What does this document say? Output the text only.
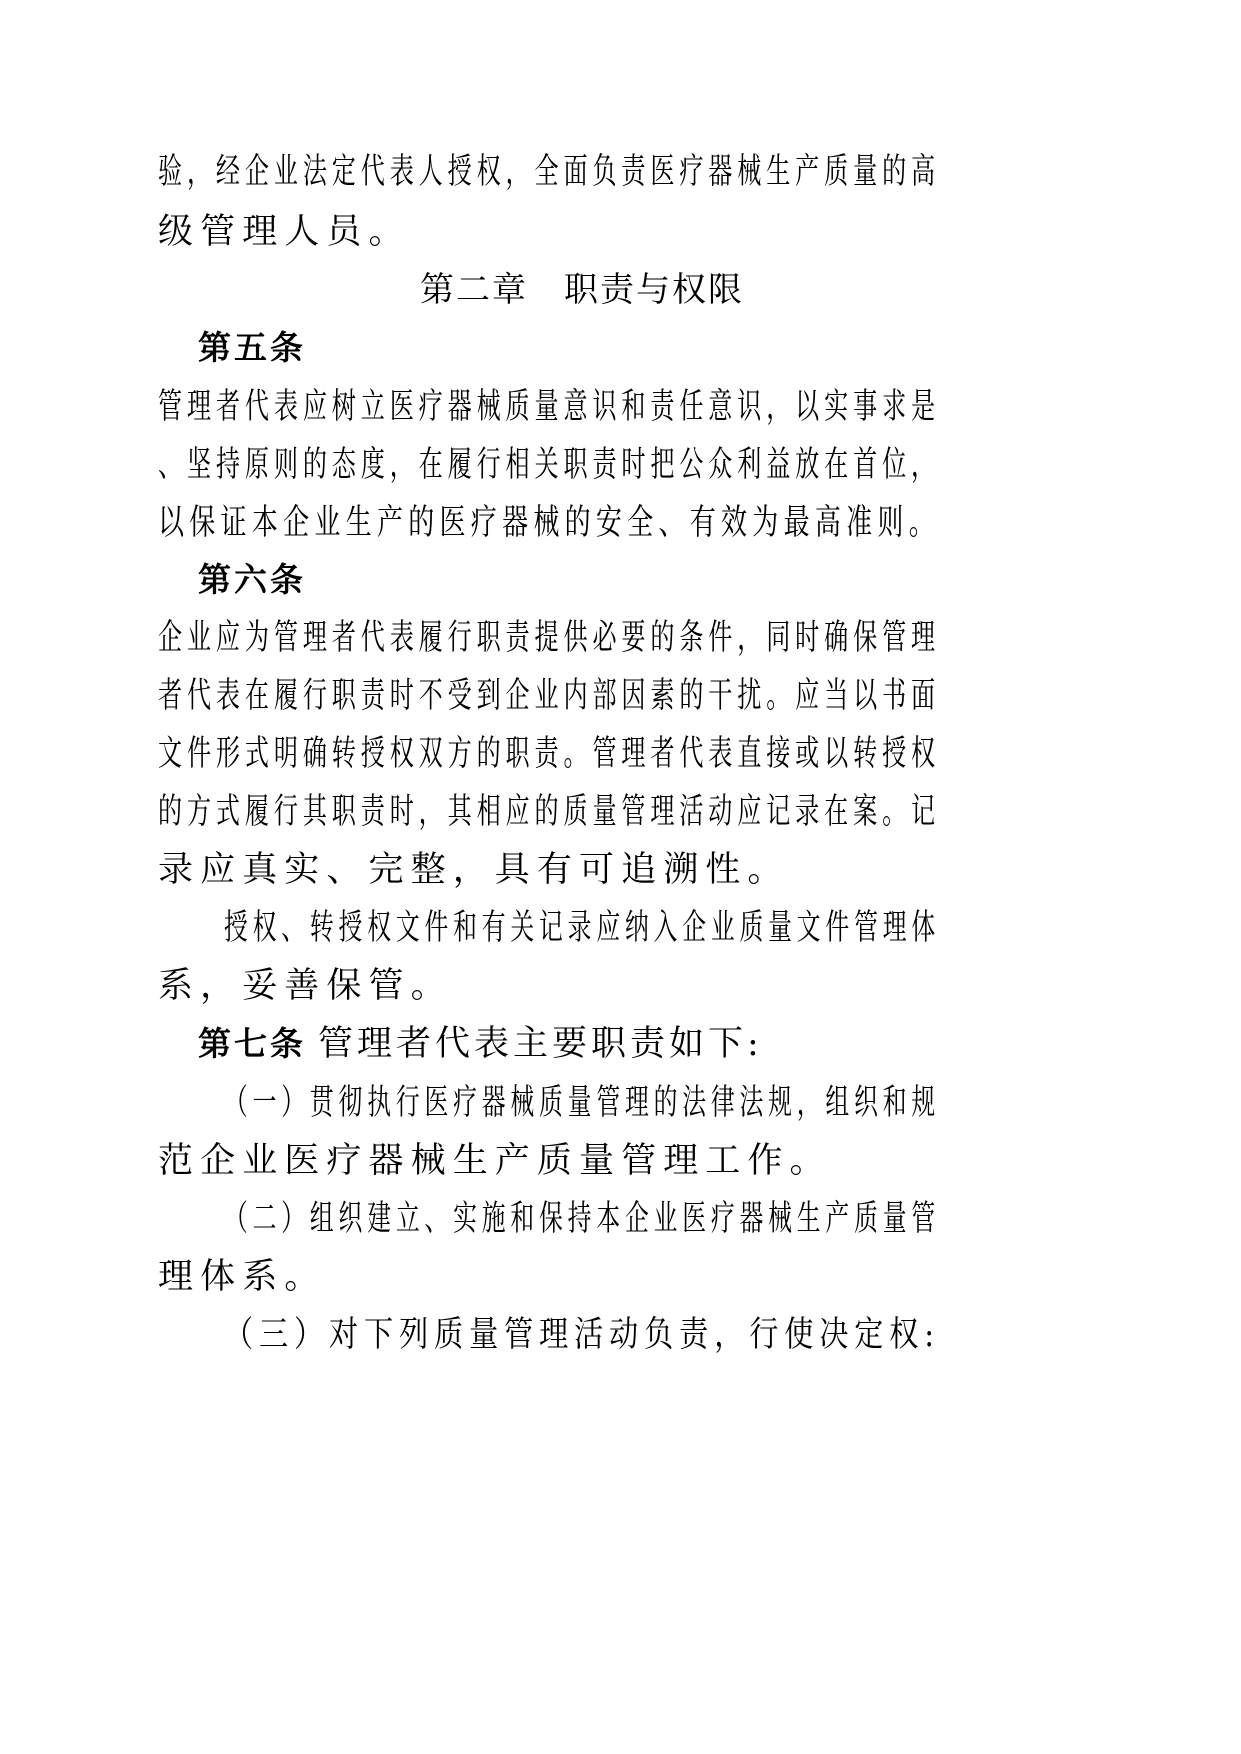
验，经企业法定代表人授权，全面负责医疗器械生产质量的高

级管理人员。

第二章　职责与权限

第五条

管理者代表应树立医疗器械质量意识和责任意识，以实事求是

、坚持原则的态度，在履行相关职责时把公众利益放在首位，

以保证本企业生产的医疗器械的安全、有效为最高准则。

第六条

企业应为管理者代表履行职责提供必要的条件，同时确保管理

者代表在履行职责时不受到企业内部因素的干扰。应当以书面

文件形式明确转授权双方的职责。管理者代表直接或以转授权

的方式履行其职责时，其相应的质量管理活动应记录在案。记

录应真实、完整，具有可追溯性。

授权、转授权文件和有关记录应纳入企业质量文件管理体

系，妥善保管。

第七条 管理者代表主要职责如下:

（一）贯彻执行医疗器械质量管理的法律法规，组织和规

范企业医疗器械生产质量管理工作。

（二）组织建立、实施和保持本企业医疗器械生产质量管

理体系。

（三）对下列质量管理活动负责，行使决定权:
